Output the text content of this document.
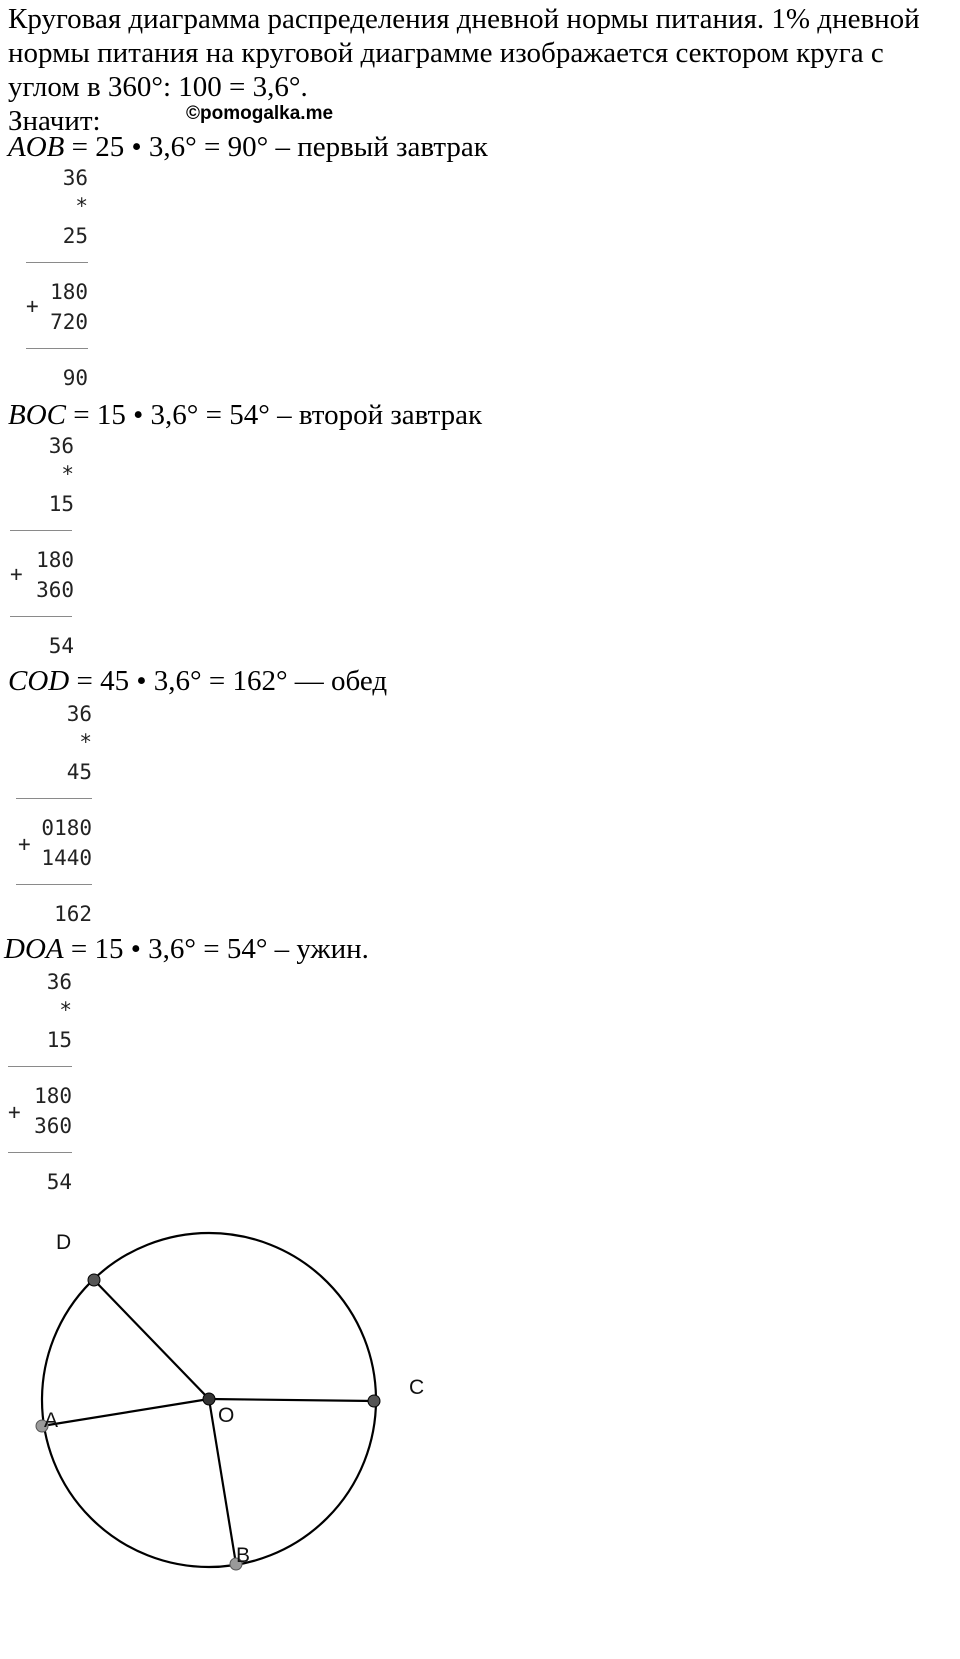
Круговая диаграмма распределения дневной нормы питания. 1% дневной
нормы питания на круговой диаграмме изображается сектором круга с
углом в 360°: 100 = 3,6°.
Значит:	©pomogalka.me
AOB = 25 • 3,6° = 90° – первый завтрак
36
*
25
+
180
720
90
BOC = 15 • 3,6° = 54° – второй завтрак
36
*
15
+
180
360
54
COD = 45 • 3,6° = 162° — обед
36
*
45
+
0180
1440
162
DOA = 15 • 3,6° = 54° – ужин.
36
*
15
+
180
360
54
D
C
O
A
B
